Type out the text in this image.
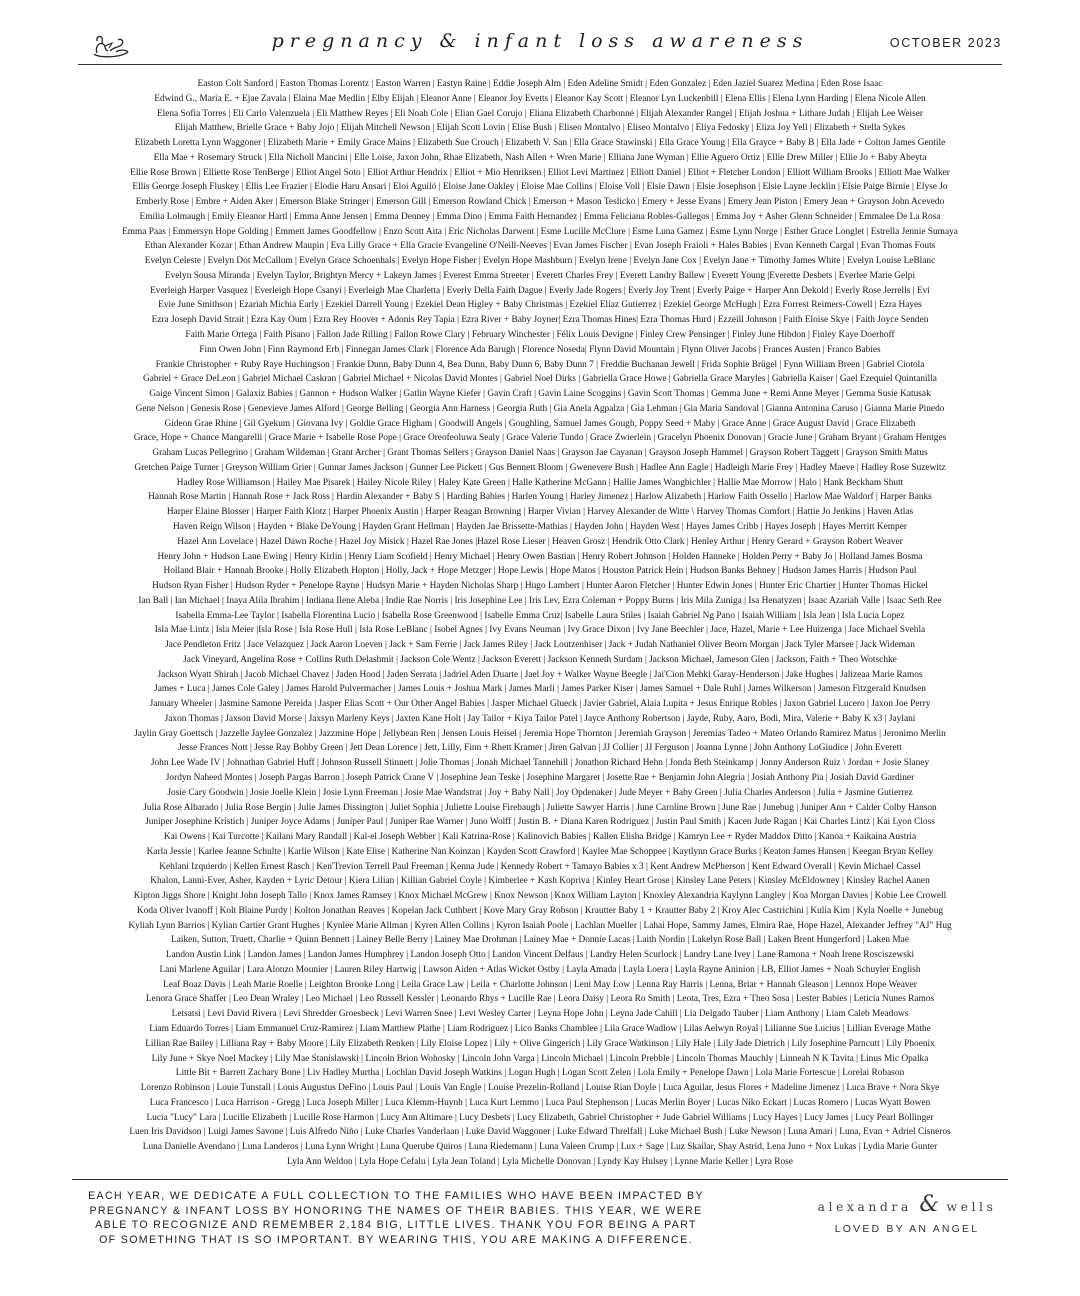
pregnancy & infant loss awareness	OCTOBER 2023

Easton Colt Sanford | Easton Thomas Lorentz | Easton Warren | Eastyn Raine | Eddie Joseph Alm | Eden Adeline Smidt | Eden Gonzalez | Eden Jaziel Suarez Medina | Eden Rose Isaac

Edwind G., Maria E. + Ejae Zavala | Elaina Mae Medlin | Elby Elijah | Eleanor Anne | Eleanor Joy Evetts | Eleanor Kay Scott | Eleanor Lyn Luckenbill | Elena Ellis | Elena Lynn Harding | Elena Nicole Allen

Elena Sofia Torres | Eli Carlo Valenzuela | Eli Matthew Reyes | Eli Noah Cole | Elian Gael Corujo | Eliana Elizabeth Charbonné | Elijah Alexander Rangel | Elijah Joshua + Lithare Judah | Elijah Lee Weiser

Elijah Matthew, Brielle Grace + Baby Jojo | Elijah Mitchell Newson | Elijah Scott Lovin | Elise Bush | Eliseo Montalvo | Eliseo Montalvo | Eliya Fedosky | Eliza Joy Yell | Elizabeth + Stella Sykes

Elizabeth Loretta Lynn Waggoner | Elizabeth Marie + Emily Grace Mains | Elizabeth Sue Crouch | Elizabeth V. San | Ella Grace Stawinski | Ella Grace Young | Ella Grayce + Baby B | Ella Jade + Colton James Gentile

Ella Mae + Rosemary Struck | Ella Nicholl Mancini | Elle Loise, Jaxon John, Rhae Elizabeth, Nash Allen + Wren Marie | Elliana Jane Wyman | Ellie Aguero Ortiz | Ellie Drew Miller | Ellie Jo + Baby Abeyta

Ellie Rose Brown | Elliette Rose TenBerge | Elliot Angel Soto | Elliot Arthur Hendrix | Elliot + Mio Henriksen | Elliot Levi Martinez | Elliott Daniel | Elliot + Fletcher London | Elliott William Brooks | Elliott Mae Walker

Ellis George Joseph Fluskey | Ellis Lee Frazier | Elodie Haru Ansari | Eloi Aguiló | Eloise Jane Oakley | Eloise Mae Collins | Eloise Voll | Elsie Dawn | Elsie Josephson | Elsie Layne Jecklin | Elsie Paige Birnie | Elyse Jo

Emberly Rose | Embre + Aiden Aker | Emerson Blake Stringer | Emerson Gill | Emerson Rowland Chick | Emerson + Mason Teslicko | Emery + Jesse Evans | Emery Jean Piston | Emery Jean + Grayson John Acevedo

Emilia Lolmaugh | Emily Eleanor Hartl | Emma Anne Jensen | Emma Denney | Emma Dino | Emma Faith Hernandez | Emma Feliciana Robles-Gallegos | Emma Joy + Asher Glenn Schneider | Emmalee De La Rosa

Emma Paas | Emmersyn Hope Golding | Emmett James Goodfellow | Enzo Scott Aita | Eric Nicholas Darwent | Esme Lucille McClure | Esme Luna Gamez | Esme Lynn Norge | Esther Grace Longlet | Estrella Jennie Sumaya

Ethan Alexander Kozar | Ethan Andrew Maupin | Eva Lilly Grace + Ella Gracie Evangeline O'Neill-Neeves | Evan James Fischer | Evan Joseph Fraioli + Hales Babies | Evan Kenneth Cargal | Evan Thomas Fouts

Evelyn Celeste | Evelyn Dot McCallum | Evelyn Grace Schoenhals | Evelyn Hope Fisher | Evelyn Hope Mashburn | Evelyn Irene | Evelyn Jane Cox | Evelyn Jane + Timothy James White | Evelyn Louise LeBlanc

Evelyn Sousa Miranda | Evelyn Taylor, Brightyn Mercy + Lakeyn James | Everest Emma Streeter | Everett Charles Frey | Everett Landry Ballew | Everett Young |Everette Desbets | Everlee Marie Gelpi

Everleigh Harper Vasquez | Everleigh Hope Csanyi | Everleigh Mae Charletta | Everly Della Faith Dague | Everly Jade Rogers | Everly Joy Trent | Everly Paige + Harper Ann Dekold | Everly Rose Jerrells | Evi

Evie June Smithson | Ezariah Michia Early | Ezekiel Darrell Young | Ezekiel Dean Higley + Baby Christmas | Ezekiel Eliaz Gutierrez | Ezekiel George McHugh | Ezra Forrest Reimers-Cowell | Ezra Hayes

Ezra Joseph David Strait | Ezra Kay Oum | Ezra Rey Hoover + Adonis Rey Tapia | Ezra River + Baby Joyner| Ezra Thomas Hines| Ezra Thomas Hurd | Ezzeill Johnson | Faith Eloise Skye | Faith Joyce Senden

Faith Marie Ortega | Faith Pisano | Fallon Jade Rilling | Fallon Rowe Clary | February Winchester | Félix Louis Devigne | Finley Crew Pensinger | Finley June Hibdon | Finley Kaye Doerhoff

Finn Owen John | Finn Raymond Erb | Finnegan James Clark | Florence Ada Barugh | Florence Noseda| Flynn David Mountain | Flynn Oliver Jacobs | Frances Austen | Franco Babies

Frankie Christopher + Ruby Raye Huchingson | Frankie Dunn, Baby Dunn 4, Bea Dunn, Baby Dunn 6, Baby Dunn 7 | Freddie Buchanan Jewell | Frida Sophie Brügel | Fynn William Breen | Gabriel Ciotola

Gabriel + Grace DeLeon | Gabriel Michael Caskran | Gabriel Michael + Nicolas David Montes | Gabriel Noel Dirks | Gabriella Grace Howe | Gabriella Grace Maryles | Gabriella Kaiser | Gael Ezequiel Quintanilla

Gaige Vincent Simon | Galaxiz Babies | Gannon + Hudson Walker | Gatlin Wayne Kiefer | Gavin Craft | Gavin Laine Scoggins | Gavin Scott Thomas | Gemma June + Remi Anne Meyer | Gemma Susie Katusak

Gene Nelson | Genesis Rose | Genevieve James Alford | George Belling | Georgia Ann Harness | Georgia Ruth | Gia Anela Agpalza | Gia Lehman | Gia Maria Sandoval | Gianna Antonina Caruso | Gianna Marie Pinedo

Gideon Grae Rhine | Gil Gyekum | Giovana Ivy | Goldie Grace Higham | Goodwill Angels | Goughling, Samuel James Gough, Poppy Seed + Maby | Grace Anne | Grace August David | Grace Elizabeth

Grace, Hope + Chance Mangarelli | Grace Marie + Isabelle Rose Pope | Grace Oreofeoluwa Sealy | Grace Valerie Tundo | Grace Zwierlein | Gracelyn Phoenix Donovan | Gracie June | Graham Bryant | Graham Hentges

Graham Lucas Pellegrino | Graham Wildeman | Grant Archer | Grant Thomas Sellers | Grayson Daniel Naas | Grayson Jae Cayanan | Grayson Joseph Hammel | Grayson Robert Taggett | Grayson Smith Matus

Gretchen Paige Turner | Greyson William Grier | Gunnar James Jackson | Gunner Lee Pickett | Gus Bennett Bloom | Gwenevere Bush | Hadlee Ann Eagle | Hadleigh Marie Frey | Hadley Maeve | Hadley Rose Suzewitz

Hadley Rose Williamson | Hailey Mae Pisarek | Hailey Nicole Riley | Haley Kate Green | Halle Katherine McGann | Hallie James Wangbichler | Hallie Mae Morrow | Halo | Hank Beckham Shutt

Hannah Rose Martin | Hannah Rose + Jack Ross | Hardin Alexander + Baby S | Harding Babies | Harlen Young | Harley Jimenez | Harlow Alizabeth | Harlow Faith Ossello | Harlow Mae Waldorf | Harper Banks

Harper Elaine Blosser | Harper Faith Klotz | Harper Phoenix Austin | Harper Reagan Browning | Harper Vivian | Harvey Alexander de Witte \ Harvey Thomas Comfort | Hattie Jo Jenkins | Haven Atlas

Haven Reign Wilson | Hayden + Blake DeYoung | Hayden Grant Hellman | Hayden Jae Brissette-Mathias | Hayden John | Hayden West | Hayes James Cribb | Hayes Joseph | Hayes Merritt Kemper

Hazel Ann Lovelace | Hazel Dawn Roche | Hazel Joy Misick | Hazel Rae Jones |Hazel Rose Lieser | Heaven Grosz | Hendrik Otto Clark | Henley Arthur | Henry Gerard + Grayson Robert Weaver

Henry John + Hudson Lane Ewing | Henry Kirlin | Henry Liam Scofield | Henry Michael | Henry Owen Bastian | Henry Robert Johnson | Holden Hanneke | Holden Perry + Baby Jo | Holland James Bosma

Holland Blair + Hannah Brooke | Holly Elizabeth Hopton | Holly, Jack + Hope Metzger | Hope Lewis | Hope Matos | Houston Patrick Hein | Hudson Banks Behney | Hudson James Harris | Hudson Paul

Hudson Ryan Fisher | Hudson Ryder + Penelope Rayne | Hudsyn Marie + Hayden Nicholas Sharp | Hugo Lambert | Hunter Aaron Fletcher | Hunter Edwin Jones | Hunter Eric Chartier | Hunter Thomas Hickel

Ian Ball | Ian Michael | Inaya Alila Ibrahim | Indiana Ilene Aleba | Indie Rae Norris | Iris Josephine Lee | Iris Lev, Ezra Coleman + Poppy Burns | Iris Mila Zuniga | Isa Henatyzen | Isaac Azariah Valle | Isaac Seth Ree

Isabella Emma-Lee Taylor | Isabella Florentina Lucio | Isabella Rose Greenwood | Isabelle Emma Cruz| Isabelle Laura Stiles | Isaiah Gabriel Ng Pano | Isaiah William | Isla Jean | Isla Lucia Lopez

Isla Mae Lintz | Isla Meier |Isla Rose | Isla Rose Hull | Isla Rose LeBlanc | Isobel Agnes | Ivy Evans Neuman | Ivy Grace Dixon | Ivy Jane Beechler | Jace, Hazel, Marie + Lee Huizenga | Jace Michael Svehla

Jace Pendleton Fritz | Jace Velazquez | Jack Aaron Loeven | Jack + Sam Ferrie | Jack James Riley | Jack Loutzenhiser | Jack + Judah Nathaniel Oliver Beorn Morgan | Jack Tyler Marsee | Jack Wideman

Jack Vineyard, Angelina Rose + Collins Ruth Delashmit | Jackson Cole Wentz | Jackson Everett | Jackson Kenneth Surdam | Jackson Michael, Jameson Glen | Jackson, Faith + Theo Wotschke

Jackson Wyatt Shirah | Jacob Michael Chavez | Jaden Hood | Jaden Serrata | Jadriel Aden Duarte | Jael Joy + Walker Wayne Beegle | Jai'Cion Mehki Garay-Henderson | Jake Hughes | Jalizeaa Marie Ramos

James + Luca | James Cole Galey | James Harold Pulvermacher | James Louis + Joshua Mark | James Marli | James Parker Kiser | James Samuel + Dale Ruhl | James Wilkerson | Jameson Fitzgerald Knudsen

January Wheeler | Jasmine Samone Pereida | Jasper Elias Scott + Our Other Angel Babies | Jasper Michael Glueck | Javier Gabriel, Alaia Lupita + Jesus Enrique Robles | Jaxon Gabriel Lucero | Jaxon Joe Perry

Jaxon Thomas | Jaxson David Morse | Jaxsyn Marleny Keys | Jaxten Kane Holt | Jay Tailor + Kiya Tailor Patel | Jayce Anthony Robertson | Jayde, Ruby, Aaro, Bodi, Mira, Valerie + Baby K x3 | Jaylani

Jaylin Gray Goettsch | Jazzelle Jaylee Gonzalez | Jazzmine Hope | Jellybean Ren | Jensen Louis Heisel | Jeremia Hope Thornton | Jeremiah Grayson | Jeremías Tadeo + Mateo Orlando Ramirez Matus | Jeronimo Merlin

Jesse Frances Nott | Jesse Ray Bobby Green | Jett Dean Lorence | Jett, Lilly, Finn + Rhett Kramer | Jiren Galvan | JJ Collier | JJ Ferguson | Joanna Lynne | John Anthony LoGiudice | John Everett

John Lee Wade IV | Johnathan Gabriel Huff | Johnson Russell Stinnett | Jolie Thomas | Jonah Michael Tannehill | Jonathon Richard Hehn | Jonda Beth Steinkamp | Jonny Anderson Ruiz \ Jordan + Josie Slaney

Jordyn Naheed Montes | Joseph Pargas Barron | Joseph Patrick Crane V | Josephine Jean Teske | Josephine Margaret | Josette Rae + Benjamin John Alegria | Josiah Anthony Pia | Josiah David Gardiner

Josie Cary Goodwin | Josie Joelle Klein | Josie Lynn Freeman | Josie Mae Wandstrat | Joy + Baby Nall | Joy Opdenaker | Jude Meyer + Baby Green | Julia Charles Anderson | Julia + Jasmine Gutierrez

Julia Rose Albarado | Julia Rose Bergin | Julie James Dissington | Juliet Sophia | Juliette Louise Firebaugh | Juliette Sawyer Harris | June Caroline Brown | June Rae | Junebug | Juniper Ann + Calder Colby Hanson

Juniper Josephine Kristich | Juniper Joyce Adams | Juniper Paul | Juniper Rae Warner | Juno Wolff | Justin B. + Diana Karen Rodriguez | Justin Paul Smith | Kacen Jude Ragan | Kai Charles Lintz | Kai Lyon Closs

Kai Owens | Kai Turcotte | Kailani Mary Randall | Kal-el Joseph Webber | Kali Katrina-Rose | Kalinovich Babies | Kallen Elisha Bridge | Kamryn Lee + Ryder Maddox Ditto | Kanoa + Kaikaina Austria

Karla Jessie | Karlee Jeanne Schulte | Karlie Wilson | Kate Elise | Katherine Nan Koinzan | Kayden Scott Crawford | Kaylee Mae Schoppee | Kaytlynn Grace Burks | Keaton James Hansen | Keegan Bryan Kelley

Kehlani Izquierdo | Kellen Ernest Rasch | Ken'Trevion Terrell Paul Freeman | Kenna Jude | Kennedy Robert + Tamayo Babies x 3 | Kent Andrew McPherson | Kent Edward Overall | Kevin Michael Cassel

Khalon, Lanni-Ever, Asher, Kayden + Lyric Detour | Kiera Lilian | Killian Gabriel Coyle | Kimberlee + Kash Kopriva | Kinley Heart Grose | Kinsley Lane Peters | Kinsley McEldowney | Kinsley Rachel Aanen

Kipton Jiggs Shore | Knight John Joseph Tallo | Knox James Ramsey | Knox Michael McGrew | Knox Newson | Knox William Layton | Knoxley Alexandria Kaylynn Langley | Koa Morgan Davies | Kobie Lee Crowell

Koda Oliver Ivanoff | Kolt Blaine Purdy | Kolton Jonathan Reaves | Kopelan Jack Cuthbert | Kove Mary Gray Robson | Krautter Baby 1 + Krautter Baby 2 | Kroy Alec Castrichini | Kulia Kim | Kyla Noelle + Junebug

Kyliah Lynn Barrios | Kylian Cartier Grant Hughes | Kynlee Marie Allman | Kyren Allen Collins | Kyron Isaiah Poole | Lachlan Mueller | Lahai Hope, Sammy James, Elmira Rae, Hope Hazel, Alexander Jeffrey "AJ" Hug

Laiken, Sutton, Truett, Charlie + Quinn Bennett | Lainey Belle Berry | Lainey Mae Drohman | Lainey Mae + Donnie Lacas | Laith Nordin | Lakelyn Rose Ball | Laken Brent Hungerford | Laken Mae

Landon Austin Link | Landon James | Landon James Humphrey | Landon Joseph Otto | Landon Vincent Delfaus | Landry Helen Scurlock | Landry Lane Ivey | Lane Ramona + Noah Irene Rosciszewski

Lani Marlene Aguilar | Lara Alonzo Mounier | Lauren Riley Hartwig | Lawson Aiden + Atlas Wicket Ostby | Layla Amada | Layla Loera | Layla Rayne Aninion | LB, Elliot James + Noah Schuyler English

Leaf Boaz Davis | Leah Marie Roelle | Leighton Brooke Long | Leila Grace Law | Leila + Charlotte Johnson | Leni May Low | Lenna Ray Harris | Lenna, Briar + Hannah Gleason | Lennox Hope Weaver

Lenora Grace Shaffer | Leo Dean Wraley | Leo Michael | Leo Russell Kessler | Leonardo Rhys + Lucille Rae | Leora Daisy | Leora Ro Smith | Leota, Tres, Ezra + Theo Sosa | Lester Babies | Leticia Nunes Ramos

Letsatsi | Levi David Rivera | Levi Shredder Groesbeck | Levi Warren Snee | Levi Wesley Carter | Leyna Hope John | Leyna Jade Cahill | Lia Delgado Tauber | Liam Anthony | Liam Caleb Meadows

Liam Eduardo Torres | Liam Emmanuel Cruz-Ramirez | Liam Matthew Plathe | Liam Rodriguez | Lico Banks Chamblee | Lila Grace Wadlow | Lilas Aelwyn Royal | Lilianne Sue Lucius | Lillian Everage Mathe

Lillian Rae Bailey | Lilliana Ray + Baby Moore | Lily Elizabeth Renken | Lily Eloise Lopez | Lily + Olive Gingerich | Lily Grace Watkinson | Lily Hale | Lily Jade Dietrich | Lily Josephine Parncutt | Lily Phoenix

Lily June + Skye Noel Mackey | Lily Mae Stanislawski | Lincoln Brion Wohosky | Lincoln John Varga | Lincoln Michael | Lincoln Prebble | Lincoln Thomas Mauchly | Linneah N K Tavita | Linus Mic Opalka

Little Bit + Barrett Zachary Bone | Liv Hadley Murtha | Lochlan David Joseph Watkins | Logan Hugh | Logan Scott Zelen | Lola Emily + Penelope Dawn | Lola Marie Fortescue | Lorelai Robason

Lorenzo Robinson | Louie Tunstall | Louis Augustus DeFino | Louis Paul | Louis Van Engle | Louise Prezelin-Rolland | Louise Rian Doyle | Luca Aguilar, Jesus Flores + Madeline Jimenez | Luca Brave + Nora Skye

Luca Francesco | Luca Harrison - Gregg | Luca Joseph Miller | Luca Klemm-Huynh | Luca Kurt Lemmo | Luca Paul Stephenson | Lucas Merlin Boyer | Lucas Niko Eckart | Lucas Romero | Lucas Wyatt Bowen

Lucia "Lucy" Lara | Lucille Elizabeth | Lucille Rose Harmon | Lucy Ann Altimare | Lucy Desbets | Lucy Elizabeth, Gabriel Christopher + Jude Gabriel Williams | Lucy Hayes | Lucy James | Lucy Pearl Bollinger

Luen Iris Davidson | Luigi James Savone | Luis Alfredo Niño | Luke Charles Vanderlaan | Luke David Waggoner | Luke Edward Threlfall | Luke Michael Bush | Luke Newson | Luna Amari | Luna, Evan + Adriel Cisneros

Luna Danielle Avendano | Luna Landeros | Luna Lynn Wright | Luna Querube Quiros | Luna Riedemann | Luna Valeen Crump | Lux + Sage | Luz Skailar, Shay Astrid, Lena Juno + Nox Lukas | Lydia Marie Gunter

Lyla Ann Weldon | Lyla Hope Cefalu | Lyla Jean Toland | Lyla Michelle Donovan | Lyndy Kay Hulsey | Lynne Marie Keller | Lyra Rose

EACH YEAR, WE DEDICATE A FULL COLLECTION TO THE FAMILIES WHO HAVE BEEN IMPACTED BY

PREGNANCY & INFANT LOSS BY HONORING THE NAMES OF THEIR BABIES. THIS YEAR, WE WERE

ABLE TO RECOGNIZE AND REMEMBER 2,184 BIG, LITTLE LIVES. THANK YOU FOR BEING A PART

OF SOMETHING THAT IS SO IMPORTANT. BY WEARING THIS, YOU ARE MAKING A DIFFERENCE.

alexandra & wells
LOVED BY AN ANGEL
